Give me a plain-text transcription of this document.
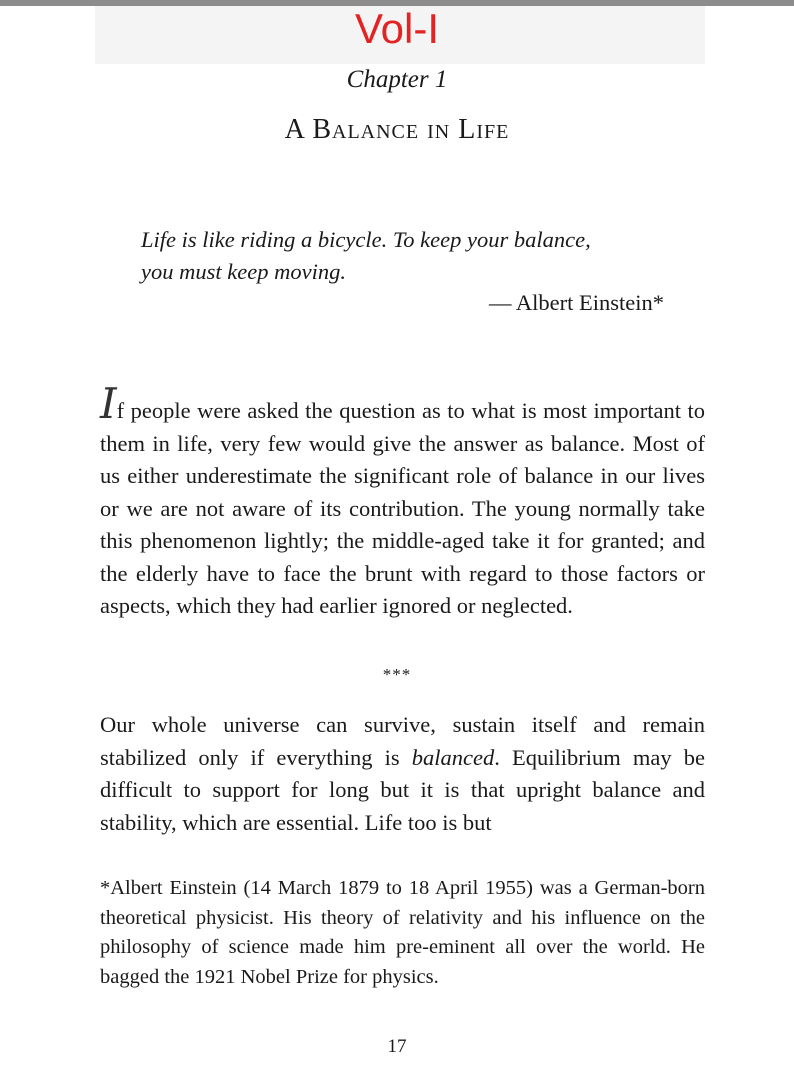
Vol-I
Chapter 1
A Balance in Life
Life is like riding a bicycle. To keep your balance,
you must keep moving.
— Albert Einstein*
If people were asked the question as to what is most important to them in life, very few would give the answer as balance. Most of us either underestimate the significant role of balance in our lives or we are not aware of its contribution. The young normally take this phenomenon lightly; the middle-aged take it for granted; and the elderly have to face the brunt with regard to those factors or aspects, which they had earlier ignored or neglected.
***
Our whole universe can survive, sustain itself and remain stabilized only if everything is balanced. Equilibrium may be difficult to support for long but it is that upright balance and stability, which are essential. Life too is but
*Albert Einstein (14 March 1879 to 18 April 1955) was a German-born theoretical physicist. His theory of relativity and his influence on the philosophy of science made him pre-eminent all over the world. He bagged the 1921 Nobel Prize for physics.
17
